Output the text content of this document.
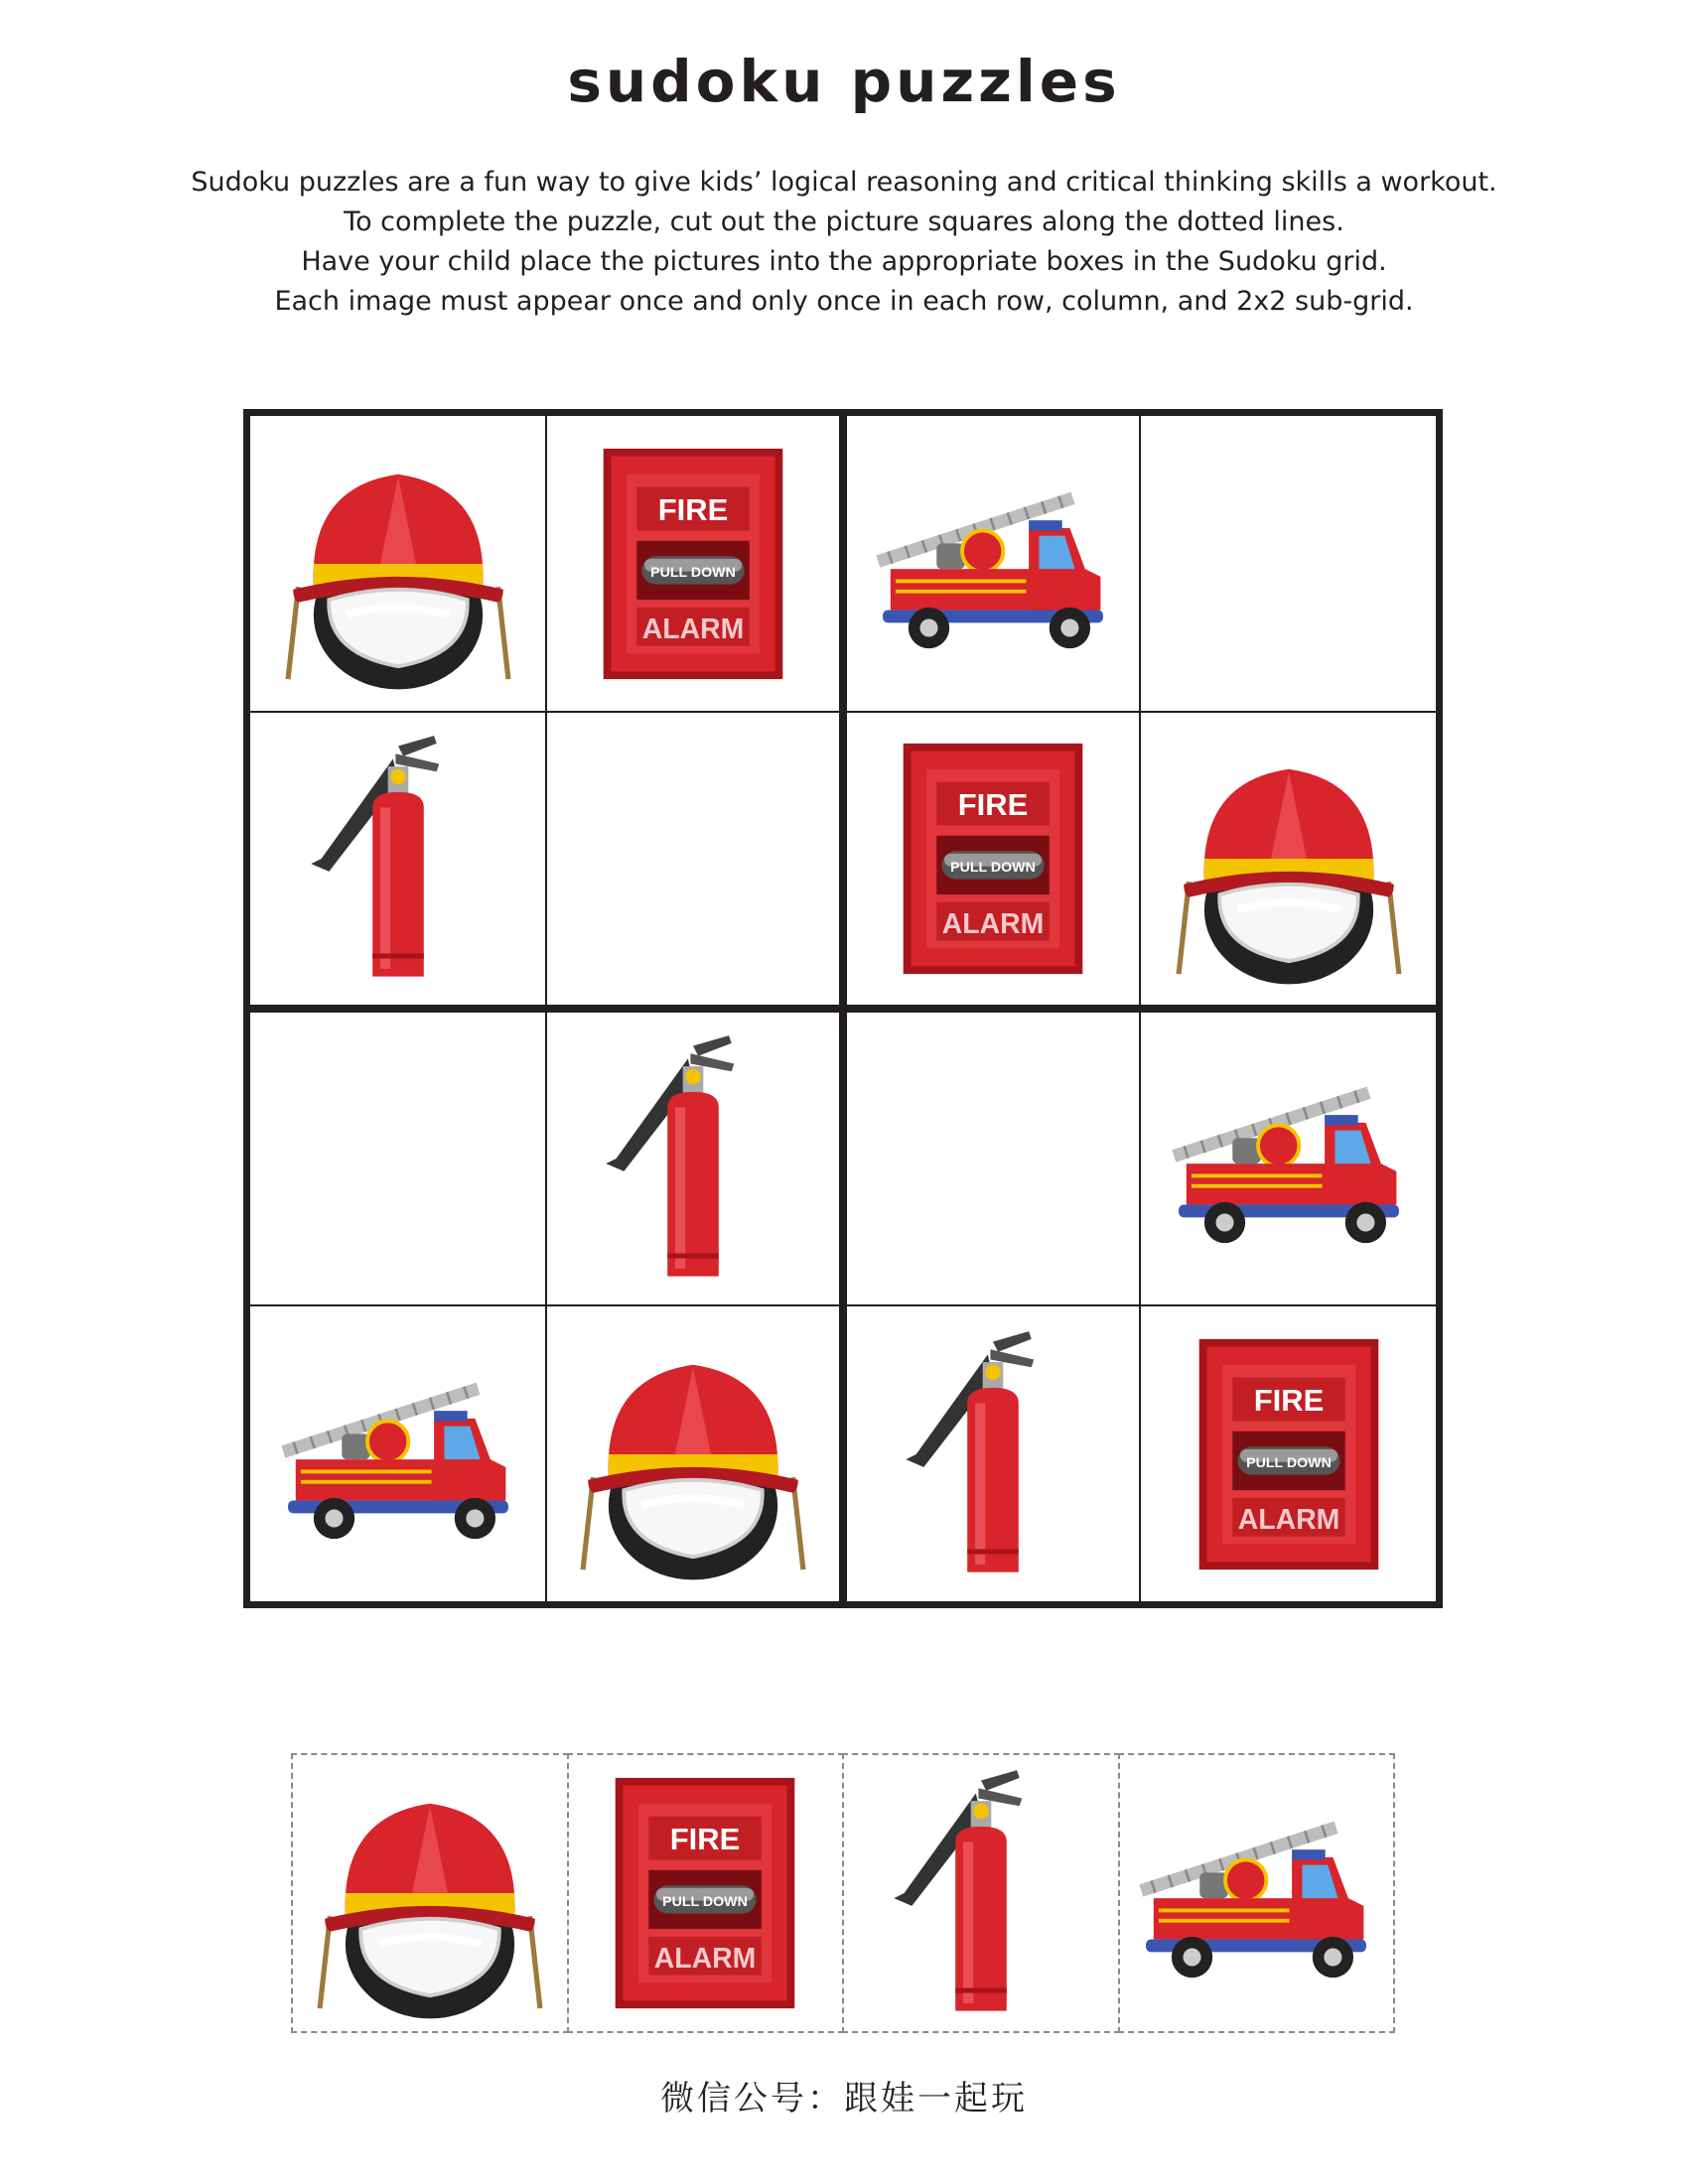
sudoku puzzles
Sudoku puzzles are a fun way to give kids’ logical reasoning and critical thinking skills a workout.
To complete the puzzle, cut out the picture squares along the dotted lines.
Have your child place the pictures into the appropriate boxes in the Sudoku grid.
Each image must appear once and only once in each row, column, and 2x2 sub-grid.
FIRE
PULL DOWN
ALARM
FIRE
PULL DOWN
ALARM
FIRE
PULL DOWN
ALARM
FIRE
PULL DOWN
ALARM
微信公号：跟娃一起玩
